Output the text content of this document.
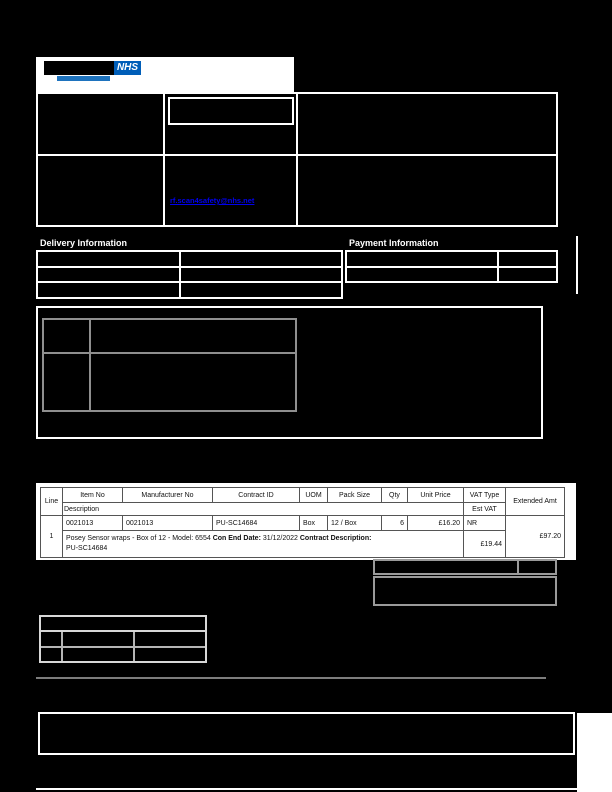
NHS
rf.scan4safety@nhs.net
Delivery Information	Payment Information
Line	Item No	Manufacturer No	Contract ID	UOM	Pack Size	Qty	Unit Price	VAT Type	Extended Amt
	Description							Est VAT	
1	0021013	0021013	PU-SC14684	Box	12 / Box	6	£16.20	NR	£97.20
	Posey Sensor wraps - Box of 12 - Model: 6554 Con End Date: 31/12/2022 Contract Description:
PU-SC14684							£19.44	
